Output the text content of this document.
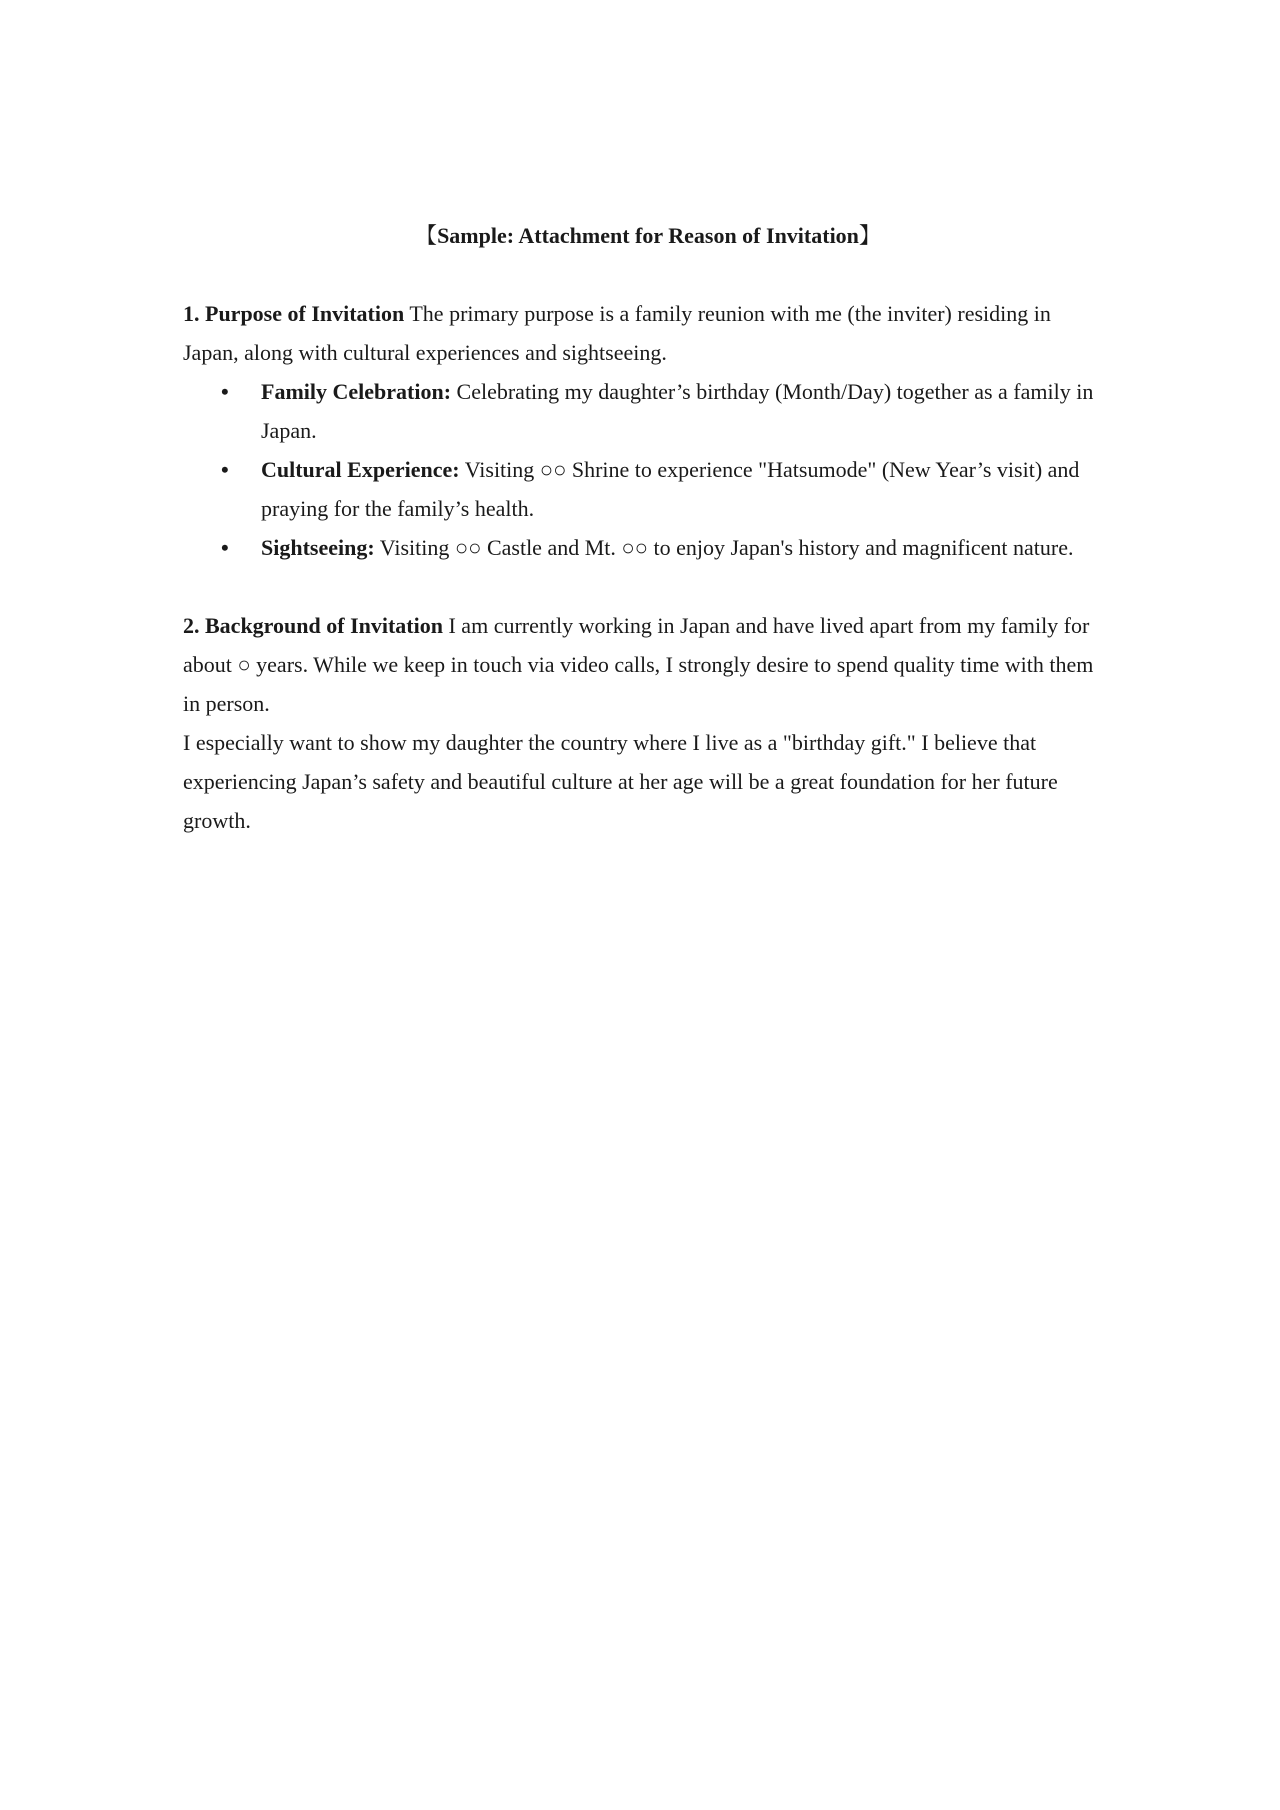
【Sample: Attachment for Reason of Invitation】

1. Purpose of Invitation The primary purpose is a family reunion with me (the inviter) residing in Japan, along with cultural experiences and sightseeing.

• Family Celebration: Celebrating my daughter’s birthday (Month/Day) together as a family in Japan.
• Cultural Experience: Visiting ○○ Shrine to experience "Hatsumode" (New Year’s visit) and praying for the family’s health.
• Sightseeing: Visiting ○○ Castle and Mt. ○○ to enjoy Japan's history and magnificent nature.

2. Background of Invitation I am currently working in Japan and have lived apart from my family for about ○ years. While we keep in touch via video calls, I strongly desire to spend quality time with them in person.

I especially want to show my daughter the country where I live as a "birthday gift." I believe that experiencing Japan’s safety and beautiful culture at her age will be a great foundation for her future growth.
